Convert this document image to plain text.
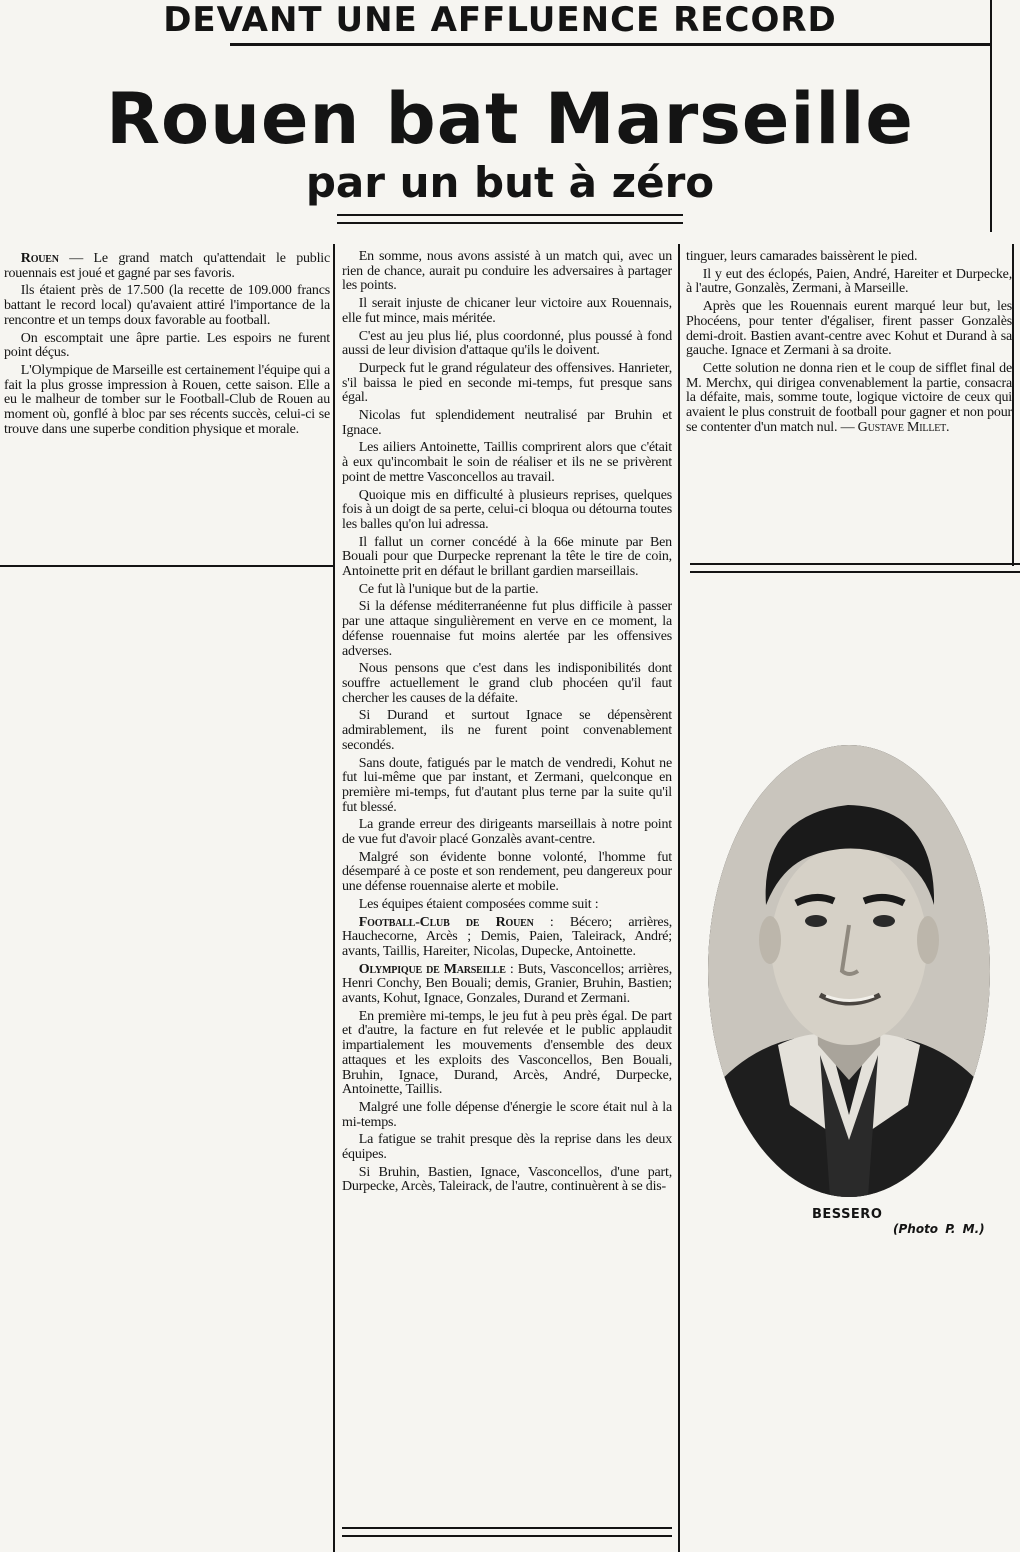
DEVANT UNE AFFLUENCE RECORD
Rouen bat Marseille
par un but à zéro

Rouen — Le grand match qu'attendait le public rouennais est joué et gagné par ses favoris.

Ils étaient près de 17.500 (la recette de 109.000 francs battant le record local) qu'avaient attiré l'importance de la rencontre et un temps doux favorable au football.

On escomptait une âpre partie. Les espoirs ne furent point déçus.

L'Olympique de Marseille est certainement l'équipe qui a fait la plus grosse impression à Rouen, cette saison. Elle a eu le malheur de tomber sur le Football-Club de Rouen au moment où, gonflé à bloc par ses récents succès, celui-ci se trouve dans une superbe condition physique et morale.

En somme, nous avons assisté à un match qui, avec un rien de chance, aurait pu conduire les adversaires à partager les points.

Il serait injuste de chicaner leur victoire aux Rouennais, elle fut mince, mais méritée.

C'est au jeu plus lié, plus coordonné, plus poussé à fond aussi de leur division d'attaque qu'ils le doivent.

Durpeck fut le grand régulateur des offensives. Hanrieter, s'il baissa le pied en seconde mi-temps, fut presque sans égal.

Nicolas fut splendidement neutralisé par Bruhin et Ignace.

Les ailiers Antoinette, Taillis comprirent alors que c'était à eux qu'incombait le soin de réaliser et ils ne se privèrent point de mettre Vasconcellos au travail.

Quoique mis en difficulté à plusieurs reprises, quelques fois à un doigt de sa perte, celui-ci bloqua ou détourna toutes les balles qu'on lui adressa.

Il fallut un corner concédé à la 66e minute par Ben Bouali pour que Durpecke reprenant la tête le tire de coin, Antoinette prit en défaut le brillant gardien marseillais.

Ce fut là l'unique but de la partie.

Si la défense méditerranéenne fut plus difficile à passer par une attaque singulièrement en verve en ce moment, la défense rouennaise fut moins alertée par les offensives adverses.

Nous pensons que c'est dans les indisponibilités dont souffre actuellement le grand club phocéen qu'il faut chercher les causes de la défaite.

Si Durand et surtout Ignace se dépensèrent admirablement, ils ne furent point convenablement secondés.

Sans doute, fatigués par le match de vendredi, Kohut ne fut lui-même que par instant, et Zermani, quelconque en première mi-temps, fut d'autant plus terne par la suite qu'il fut blessé.

La grande erreur des dirigeants marseillais à notre point de vue fut d'avoir placé Gonzalès avant-centre.

Malgré son évidente bonne volonté, l'homme fut désemparé à ce poste et son rendement, peu dangereux pour une défense rouennaise alerte et mobile.

Les équipes étaient composées comme suit :

Football-Club de Rouen : Bécero; arrières, Hauchecorne, Arcès ; Demis, Paien, Taleirack, André; avants, Taillis, Hareiter, Nicolas, Dupecke, Antoinette.

Olympique de Marseille : Buts, Vasconcellos; arrières, Henri Conchy, Ben Bouali; demis, Granier, Bruhin, Bastien; avants, Kohut, Ignace, Gonzales, Durand et Zermani.

En première mi-temps, le jeu fut à peu près égal. De part et d'autre, la facture en fut relevée et le public applaudit impartialement les mouvements d'ensemble des deux attaques et les exploits des Vasconcellos, Ben Bouali, Bruhin, Ignace, Durand, Arcès, André, Durpecke, Antoinette, Taillis.

Malgré une folle dépense d'énergie le score était nul à la mi-temps.

La fatigue se trahit presque dès la reprise dans les deux équipes.

Si Bruhin, Bastien, Ignace, Vasconcellos, d'une part, Durpecke, Arcès, Taleirack, de l'autre, continuèrent à se dis-

tinguer, leurs camarades baissèrent le pied.

Il y eut des éclopés, Paien, André, Hareiter et Durpecke, à l'autre, Gonzalès, Zermani, à Marseille.

Après que les Rouennais eurent marqué leur but, les Phocéens, pour tenter d'égaliser, firent passer Gonzalès demi-droit. Bastien avant-centre avec Kohut et Durand à sa gauche. Ignace et Zermani à sa droite.

Cette solution ne donna rien et le coup de sifflet final de M. Merchx, qui dirigea convenablement la partie, consacra la défaite, mais, somme toute, logique victoire de ceux qui avaient le plus construit de football pour gagner et non pour se contenter d'un match nul. — Gustave Millet.

BESSERO
(Photo P. M.)
